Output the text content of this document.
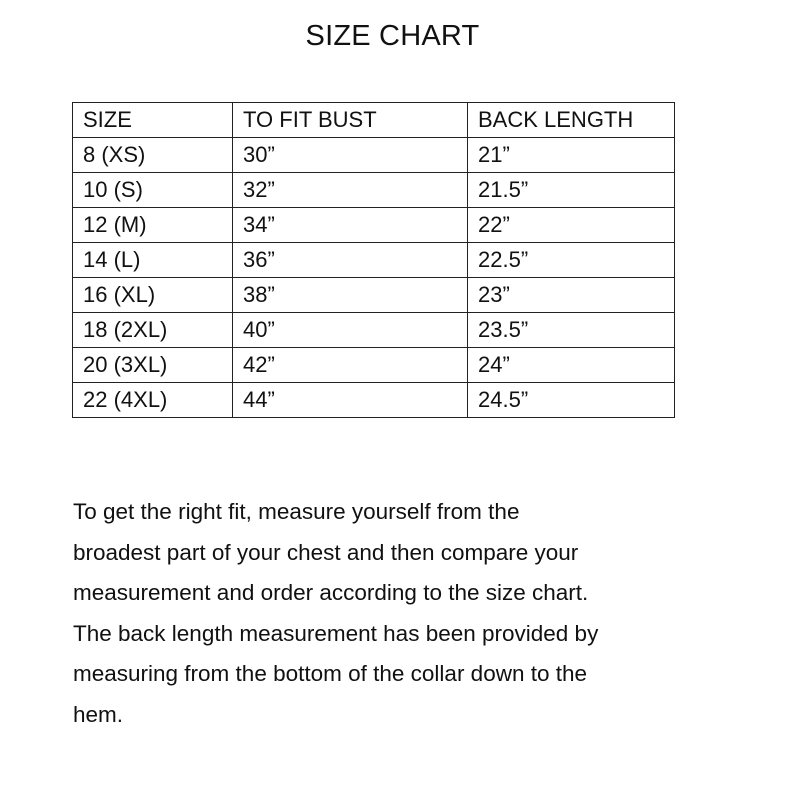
SIZE CHART
SIZE	TO FIT BUST	BACK LENGTH
8 (XS)	30”	21”
10 (S)	32”	21.5”
12 (M)	34”	22”
14 (L)	36”	22.5”
16 (XL)	38”	23”
18 (2XL)	40”	23.5”
20 (3XL)	42”	24”
22 (4XL)	44”	24.5”

To get the right fit, measure yourself from the
broadest part of your chest and then compare your
measurement and order according to the size chart.
The back length measurement has been provided by
measuring from the bottom of the collar down to the
hem.
